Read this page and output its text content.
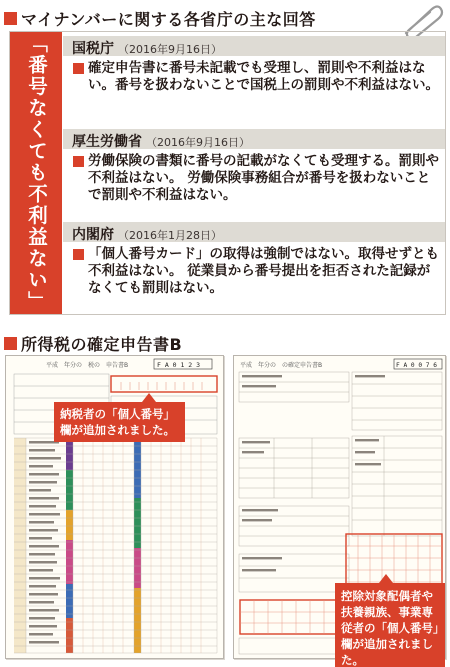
マイナンバーに関する各省庁の主な回答
「番号なくても不利益ない」 国税庁 （2016年9月16日）
確定申告書に番号未記載でも受理し、罰則や不利益はない。番号を扱わないことで国税上の罰則や不利益はない。
厚生労働省 （2016年9月16日）
労働保険の書類に番号の記載がなくても受理する。罰則や不利益はない。 労働保険事務組合が番号を扱わないことで罰則や不利益はない。
内閣府 （2016年1月28日）
「個人番号カード」の取得は強制ではない。取得せずとも不利益はない。 従業員から番号提出を拒否された記録がなくても罰則はない。
所得税の確定申告書B
平成　年分の　税の　申告書B	F A 0 1 2 3
納税者の「個人番号」欄が追加されました。
平成　年分の　の確定申告書B	F A 0 0 7 6
控除対象配偶者や扶養親族、事業専従者の「個人番号」欄が追加されました。
